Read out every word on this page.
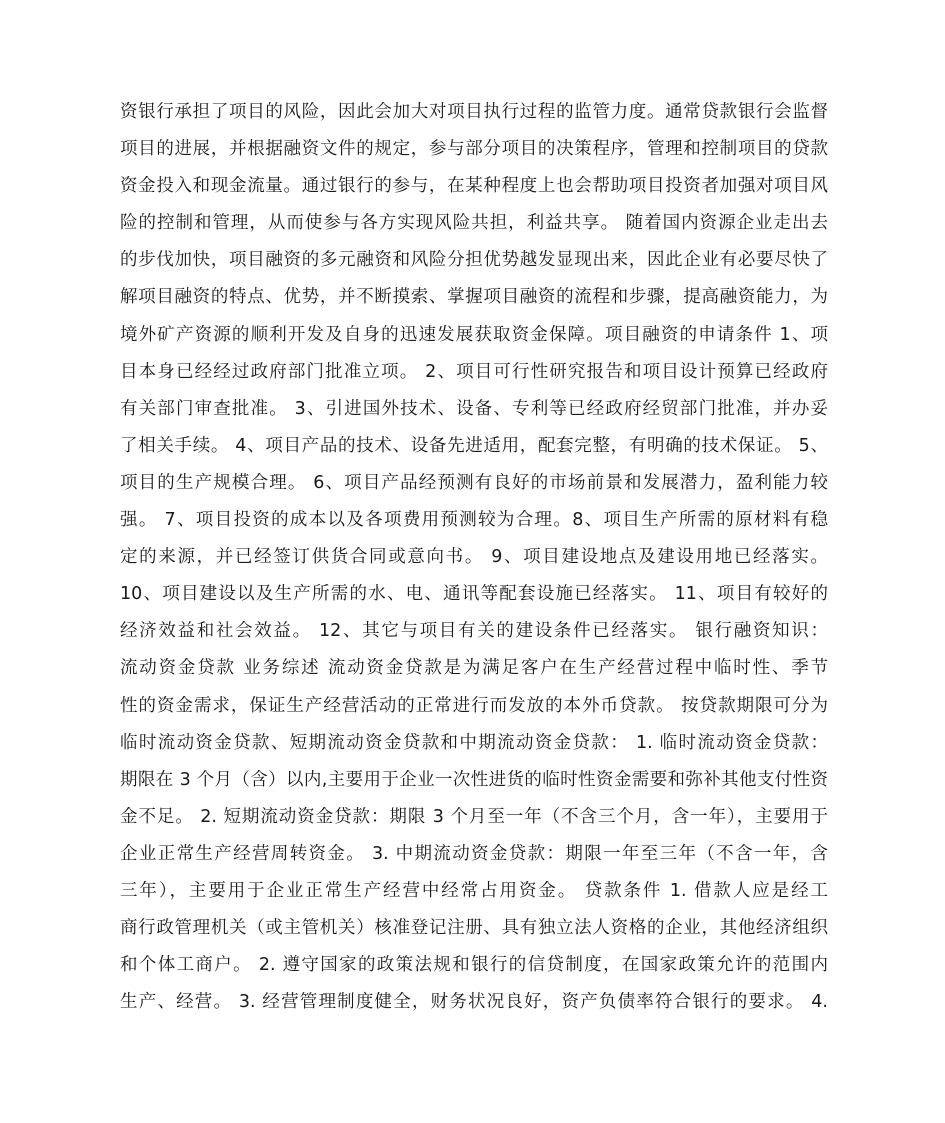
资银行承担了项目的风险，因此会加大对项目执行过程的监管力度。通常贷款银行会监督
项目的进展，并根据融资文件的规定，参与部分项目的决策程序，管理和控制项目的贷款
资金投入和现金流量。通过银行的参与，在某种程度上也会帮助项目投资者加强对项目风
险的控制和管理，从而使参与各方实现风险共担，利益共享。 随着国内资源企业走出去
的步伐加快，项目融资的多元融资和风险分担优势越发显现出来，因此企业有必要尽快了
解项目融资的特点、优势，并不断摸索、掌握项目融资的流程和步骤，提高融资能力，为
境外矿产资源的顺利开发及自身的迅速发展获取资金保障。项目融资的申请条件 1、项
目本身已经经过政府部门批准立项。 2、项目可行性研究报告和项目设计预算已经政府
有关部门审查批准。 3、引进国外技术、设备、专利等已经政府经贸部门批准，并办妥
了相关手续。 4、项目产品的技术、设备先进适用，配套完整，有明确的技术保证。 5、
项目的生产规模合理。 6、项目产品经预测有良好的市场前景和发展潜力，盈利能力较
强。 7、项目投资的成本以及各项费用预测较为合理。8、项目生产所需的原材料有稳
定的来源，并已经签订供货合同或意向书。 9、项目建设地点及建设用地已经落实。
10、项目建设以及生产所需的水、电、通讯等配套设施已经落实。 11、项目有较好的
经济效益和社会效益。 12、其它与项目有关的建设条件已经落实。 银行融资知识：
流动资金贷款 业务综述 流动资金贷款是为满足客户在生产经营过程中临时性、季节
性的资金需求，保证生产经营活动的正常进行而发放的本外币贷款。 按贷款期限可分为
临时流动资金贷款、短期流动资金贷款和中期流动资金贷款： 1. 临时流动资金贷款：
期限在 3 个月（含）以内,主要用于企业一次性进货的临时性资金需要和弥补其他支付性资
金不足。 2. 短期流动资金贷款：期限 3 个月至一年（不含三个月，含一年），主要用于
企业正常生产经营周转资金。 3. 中期流动资金贷款：期限一年至三年（不含一年，含
三年），主要用于企业正常生产经营中经常占用资金。 贷款条件 1. 借款人应是经工
商行政管理机关（或主管机关）核准登记注册、具有独立法人资格的企业，其他经济组织
和个体工商户。 2. 遵守国家的政策法规和银行的信贷制度，在国家政策允许的范围内
生产、经营。 3. 经营管理制度健全，财务状况良好，资产负债率符合银行的要求。 4.
